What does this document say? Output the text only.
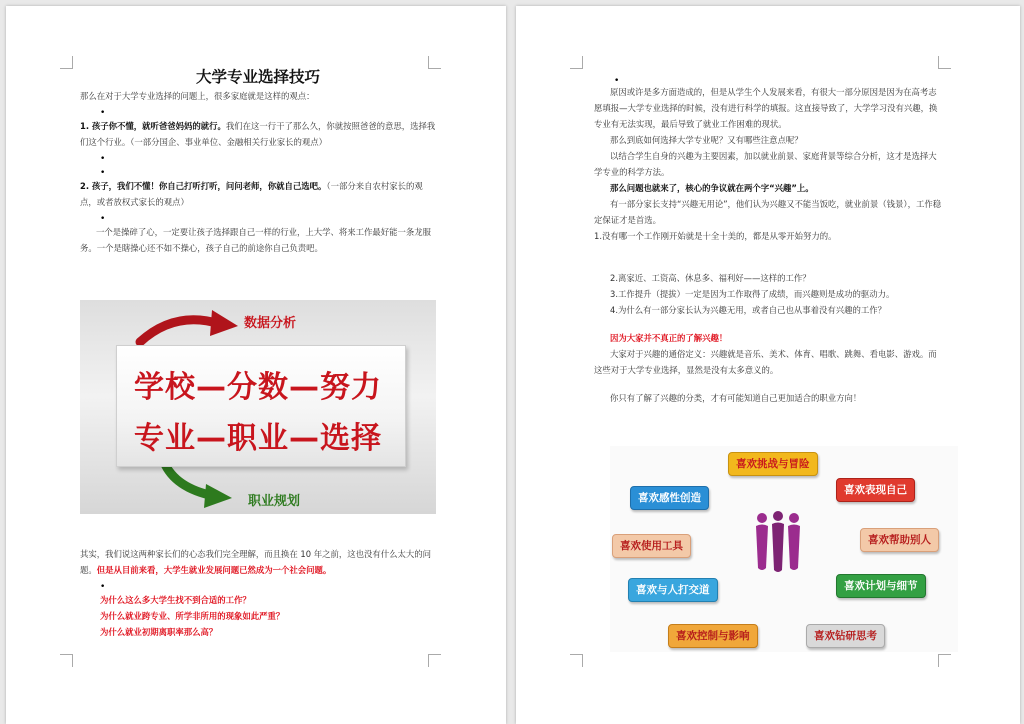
大学专业选择技巧

那么在对于大学专业选择的问题上，很多家庭就是这样的观点：

•

1. 孩子你不懂，就听爸爸妈妈的就行。我们在这一行干了那么久，你就按照爸爸的意思，选择我们这个行业。（一部分国企、事业单位、金融相关行业家长的观点）

•
•

2. 孩子，我们不懂！你自己打听打听，问问老师，你就自己选吧。（一部分来自农村家长的观点，或者放权式家长的观点）

•

一个是操碎了心，一定要让孩子选择跟自己一样的行业，上大学、将来工作最好能一条龙服务。一个是瞎操心还不如不操心，孩子自己的前途你自己负责吧。

数据分析
学校—分数—努力
专业—职业—选择
职业规划

其实，我们说这两种家长们的心态我们完全理解，而且换在 10 年之前，这也没有什么太大的问题。但是从目前来看，大学生就业发展问题已然成为一个社会问题。

•

为什么这么多大学生找不到合适的工作？

为什么就业跨专业、所学非所用的现象如此严重？

为什么就业初期离职率那么高？

•

原因或许是多方面造成的，但是从学生个人发展来看，有很大一部分原因是因为在高考志愿填报—大学专业选择的时候，没有进行科学的填报。这直接导致了，大学学习没有兴趣，换专业有无法实现，最后导致了就业工作困难的现状。

那么到底如何选择大学专业呢？又有哪些注意点呢？

以结合学生自身的兴趣为主要因素，加以就业前景、家庭背景等综合分析，这才是选择大学专业的科学方法。

那么问题也就来了，核心的争议就在两个字“兴趣”上。

有一部分家长支持“兴趣无用论”，他们认为兴趣又不能当饭吃，就业前景（钱景），工作稳定保证才是首选。

1.没有哪一个工作刚开始就是十全十美的，都是从零开始努力的。

2.离家近、工资高、休息多、福利好——这样的工作？

3.工作提升（提拔）一定是因为工作取得了成绩，而兴趣则是成功的驱动力。

4.为什么有一部分家长认为兴趣无用，或者自己也从事着没有兴趣的工作？

因为大家并不真正的了解兴趣！

大家对于兴趣的通俗定义：兴趣就是音乐、美术、体育、唱歌、跳舞、看电影、游戏。而这些对于大学专业选择，显然是没有太多意义的。

你只有了解了兴趣的分类，才有可能知道自己更加适合的职业方向！

喜欢挑战与冒险
喜欢感性创造
喜欢表现自己
喜欢使用工具	喜欢帮助别人
喜欢与人打交道	喜欢计划与细节
喜欢控制与影响	喜欢钻研思考
